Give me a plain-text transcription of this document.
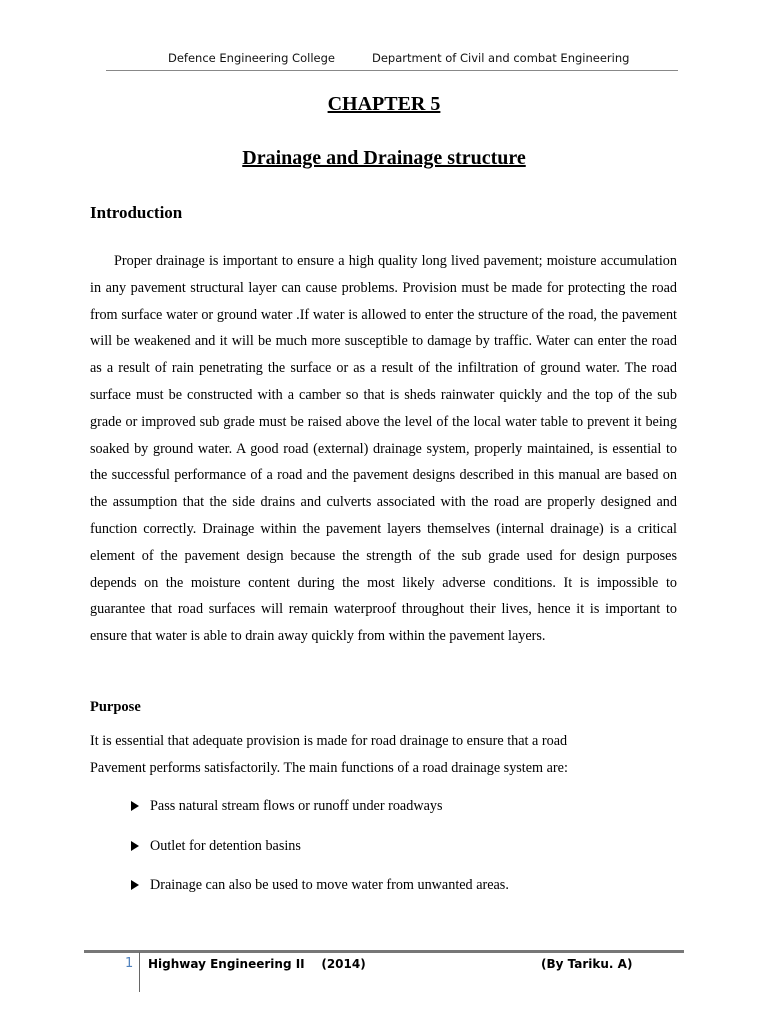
Defence Engineering College	Department of Civil and combat Engineering
CHAPTER 5
Drainage and Drainage structure
Introduction

Proper drainage is important to ensure a high quality long lived pavement; moisture accumulation in any pavement structural layer can cause problems. Provision must be made for protecting the road from surface water or ground water .If water is allowed to enter the structure of the road, the pavement will be weakened and it will be much more susceptible to damage by traffic. Water can enter the road as a result of rain penetrating the surface or as a result of the infiltration of ground water. The road surface must be constructed with a camber so that is sheds rainwater quickly and the top of the sub grade or improved sub grade must be raised above the level of the local water table to prevent it being soaked by ground water. A good road (external) drainage system, properly maintained, is essential to the successful performance of a road and the pavement designs described in this manual are based on the assumption that the side drains and culverts associated with the road are properly designed and function correctly. Drainage within the pavement layers themselves (internal drainage) is a critical element of the pavement design because the strength of the sub grade used for design purposes depends on the moisture content during the most likely adverse conditions. It is impossible to guarantee that road surfaces will remain waterproof throughout their lives, hence it is important to ensure that water is able to drain away quickly from within the pavement layers.

Purpose
It is essential that adequate provision is made for road drainage to ensure that a road
Pavement performs satisfactorily. The main functions of a road drainage system are:
Pass natural stream flows or runoff under roadways
Outlet for detention basins
Drainage can also be used to move water from unwanted areas.
1 Highway Engineering II    (2014)	(By Tariku. A)
